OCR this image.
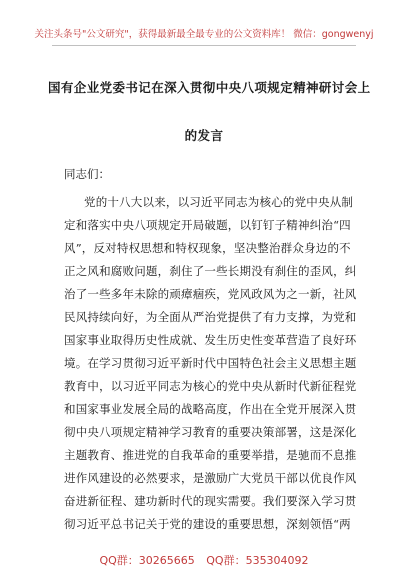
关注头条号"公文研究"，获得最新最全最专业的公文资料库！ 微信：gongwenyj
国有企业党委书记在深入贯彻中央八项规定精神研讨会上
的发言
同志们：
党的十八大以来，以习近平同志为核心的党中央从制
定和落实中央八项规定开局破题，以钉钉子精神纠治“四
风”，反对特权思想和特权现象，坚决整治群众身边的不
正之风和腐败问题，刹住了一些长期没有刹住的歪风，纠
治了一些多年未除的顽瘴痼疾，党风政风为之一新，社风
民风持续向好，为全面从严治党提供了有力支撑，为党和
国家事业取得历史性成就、发生历史性变革营造了良好环
境。在学习贯彻习近平新时代中国特色社会主义思想主题
教育中，以习近平同志为核心的党中央从新时代新征程党
和国家事业发展全局的战略高度，作出在全党开展深入贯
彻中央八项规定精神学习教育的重要决策部署，这是深化
主题教育、推进党的自我革命的重要举措，是驰而不息推
进作风建设的必然要求，是激励广大党员干部以优良作风
奋进新征程、建功新时代的现实需要。我们要深入学习贯
彻习近平总书记关于党的建设的重要思想，深刻领悟“两
QQ群：30265665 QQ群：535304092
